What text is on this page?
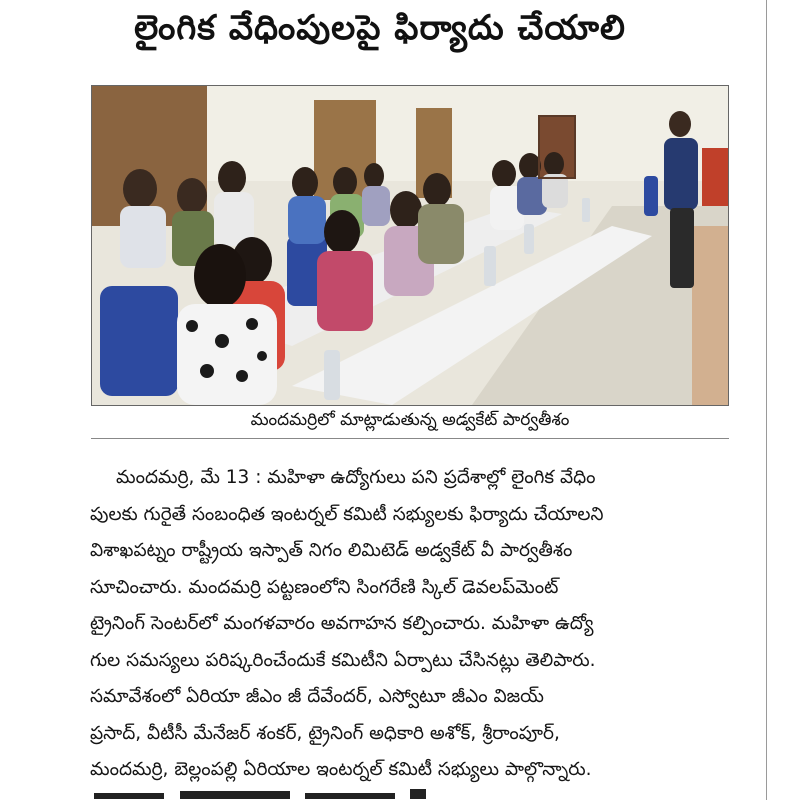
లైంగిక వేధింపులపై ఫిర్యాదు చేయాలి
మందమర్రిలో మాట్లాడుతున్న అడ్వకేట్ పార్వతీశం
మందమర్రి, మే 13 : మహిళా ఉద్యోగులు పని ప్రదేశాల్లో లైంగిక వేధిం
పులకు గురైతే సంబంధిత ఇంటర్నల్ కమిటీ సభ్యులకు ఫిర్యాదు చేయాలని
విశాఖపట్నం రాష్ట్రీయ ఇస్పాత్ నిగం లిమిటెడ్ అడ్వకేట్ వీ పార్వతీశం
సూచించారు. మందమర్రి పట్టణంలోని సింగరేణి స్కిల్ డెవలప్‌మెంట్
ట్రైనింగ్ సెంటర్‌లో మంగళవారం అవగాహన కల్పించారు. మహిళా ఉద్యో
గుల సమస్యలు పరిష్కరించేందుకే కమిటీని ఏర్పాటు చేసినట్లు తెలిపారు.
సమావేశంలో ఏరియా జీఎం జీ దేవేందర్, ఎస్వోటూ జీఎం విజయ్
ప్రసాద్, వీటీసీ మేనేజర్ శంకర్, ట్రైనింగ్ అధికారి అశోక్, శ్రీరాంపూర్,
మందమర్రి, బెల్లంపల్లి ఏరియాల ఇంటర్నల్ కమిటీ సభ్యులు పాల్గొన్నారు.
